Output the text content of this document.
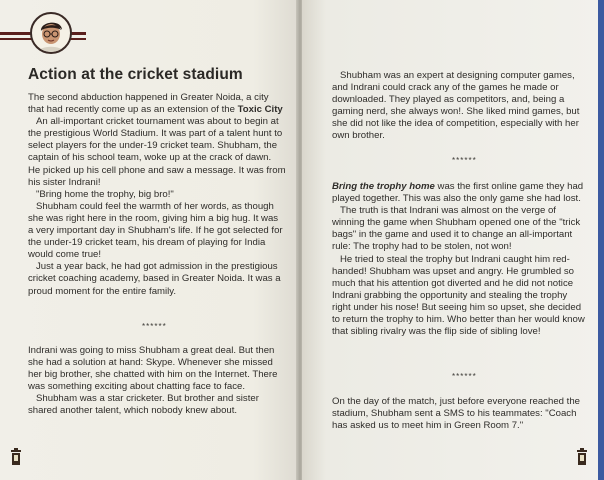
Action at the cricket stadium

The second abduction happened in Greater Noida, a city that had recently come up as an extension of the Toxic City

An all-important cricket tournament was about to begin at the prestigious World Stadium. It was part of a talent hunt to select players for the under-19 cricket team. Shubham, the captain of his school team, woke up at the crack of dawn. He picked up his cell phone and saw a message. It was from his sister Indrani!

"Bring home the trophy, big bro!"

Shubham could feel the warmth of her words, as though she was right here in the room, giving him a big hug. It was a very important day in Shubham's life. If he got selected for the under-19 cricket team, his dream of playing for India would come true!

Just a year back, he had got admission in the prestigious cricket coaching academy, based in Greater Noida. It was a proud moment for the entire family.

******

Indrani was going to miss Shubham a great deal. But then she had a solution at hand: Skype. Whenever she missed her big brother, she chatted with him on the Internet. There was something exciting about chatting face to face.

Shubham was a star cricketer. But brother and sister shared another talent, which nobody knew about.

Shubham was an expert at designing computer games, and Indrani could crack any of the games he made or downloaded. They played as competitors, and, being a gaming nerd, she always won!. She liked mind games, but she did not like the idea of competition, especially with her own brother.

******

Bring the trophy home was the first online game they had played together. This was also the only game she had lost.

The truth is that Indrani was almost on the verge of winning the game when Shubham opened one of the "trick bags" in the game and used it to change an all-important rule: The trophy had to be stolen, not won!

He tried to steal the trophy but Indrani caught him red-handed! Shubham was upset and angry. He grumbled so much that his attention got diverted and he did not notice Indrani grabbing the opportunity and stealing the trophy right under his nose! But seeing him so upset, she decided to return the trophy to him. Who better than her would know that sibling rivalry was the flip side of sibling love!

******

On the day of the match, just before everyone reached the stadium, Shubham sent a SMS to his teammates: "Coach has asked us to meet him in Green Room 7."
